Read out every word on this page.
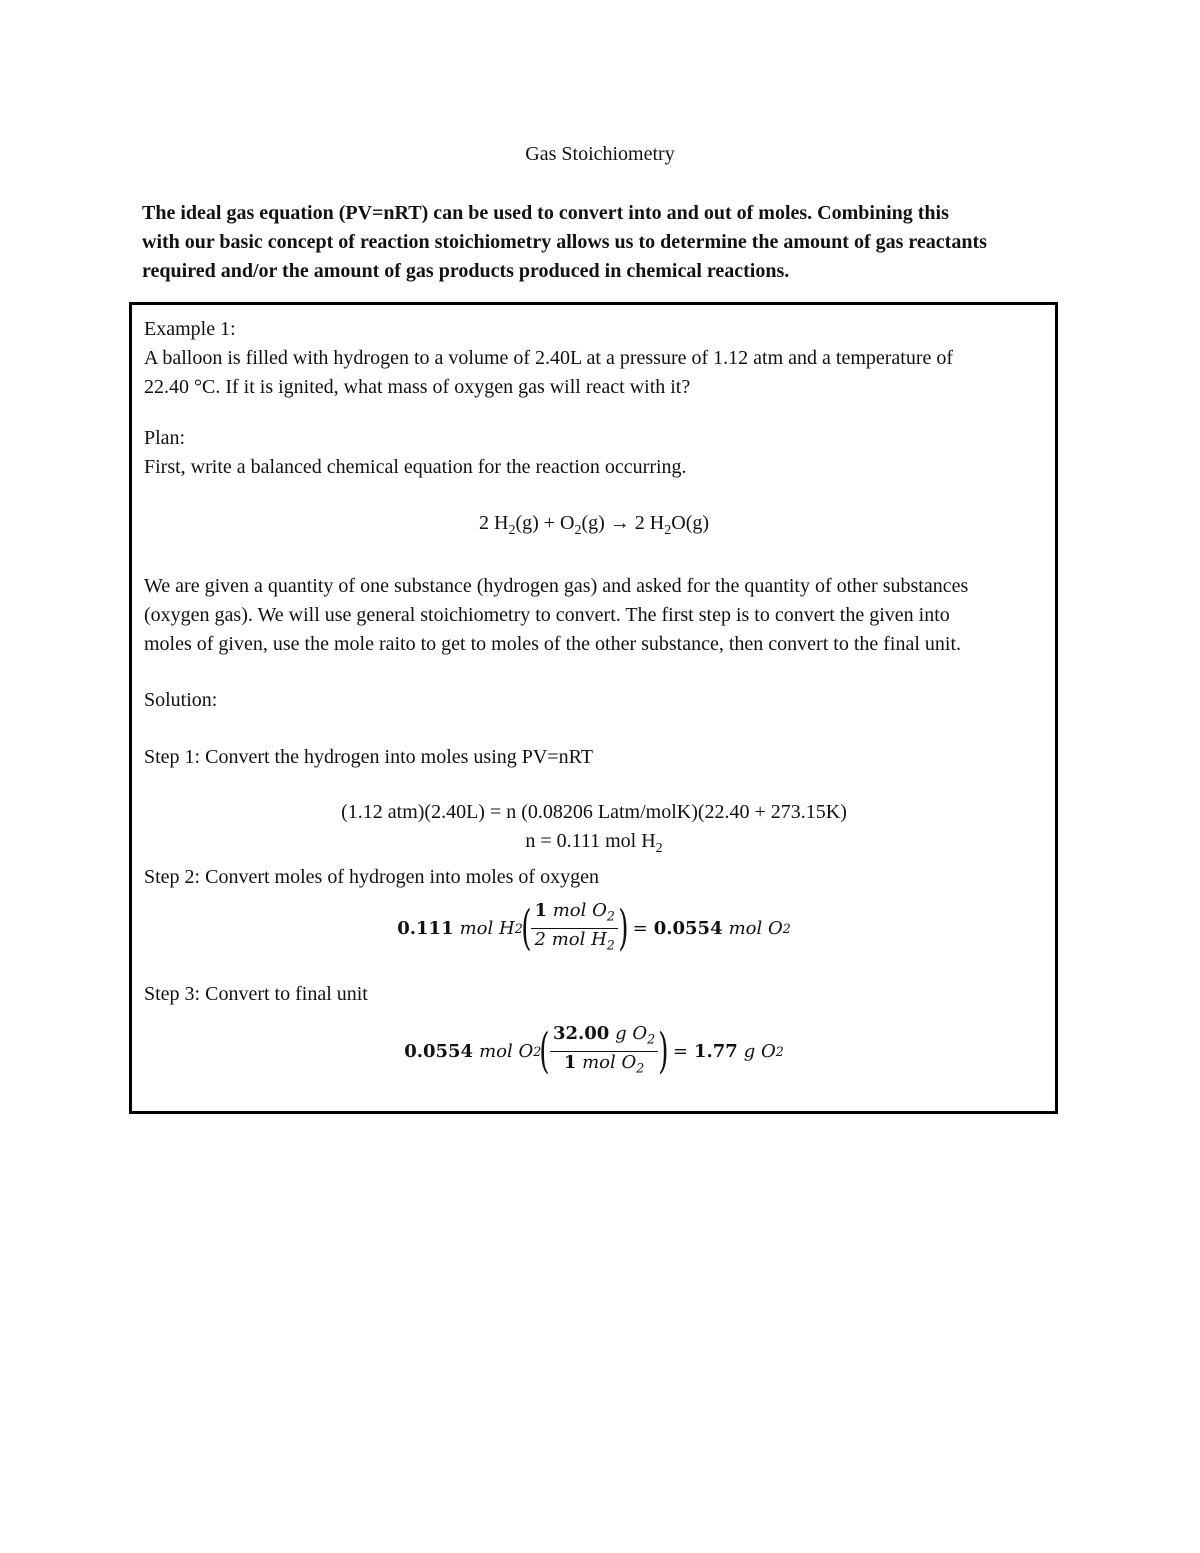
Gas Stoichiometry
The ideal gas equation (PV=nRT) can be used to convert into and out of moles. Combining this
with our basic concept of reaction stoichiometry allows us to determine the amount of gas reactants
required and/or the amount of gas products produced in chemical reactions.
Example 1:
A balloon is filled with hydrogen to a volume of 2.40L at a pressure of 1.12 atm and a temperature of
22.40 °C. If it is ignited, what mass of oxygen gas will react with it?
Plan:
First, write a balanced chemical equation for the reaction occurring.
2 $H_2(g) + O_2(g) \to 2$ $H_2O(g)$
We are given a quantity of one substance (hydrogen gas) and asked for the quantity of other substances
(oxygen gas). We will use general stoichiometry to convert. The first step is to convert the given into
moles of given, use the mole raito to get to moles of the other substance, then convert to the final unit.
Solution:
Step 1: Convert the hydrogen into moles using PV=nRT
(1.12 atm)(2.40L) = n (0.08206 Latm/molK)(22.40 + 273.15K)
n = 0.111 mol $H_2$
Step 2: Convert moles of hydrogen into moles of oxygen
0.111 mol H 2
( $\frac{1 mol O_2}{2 mol H_2}$ ) = 0.0554 mol O 2
Step 3: Convert to final unit
0.0554 mol O 2
( $\frac{32.00 g O_2}{1 mol O_2}$ ) = 1.77 g O 2
